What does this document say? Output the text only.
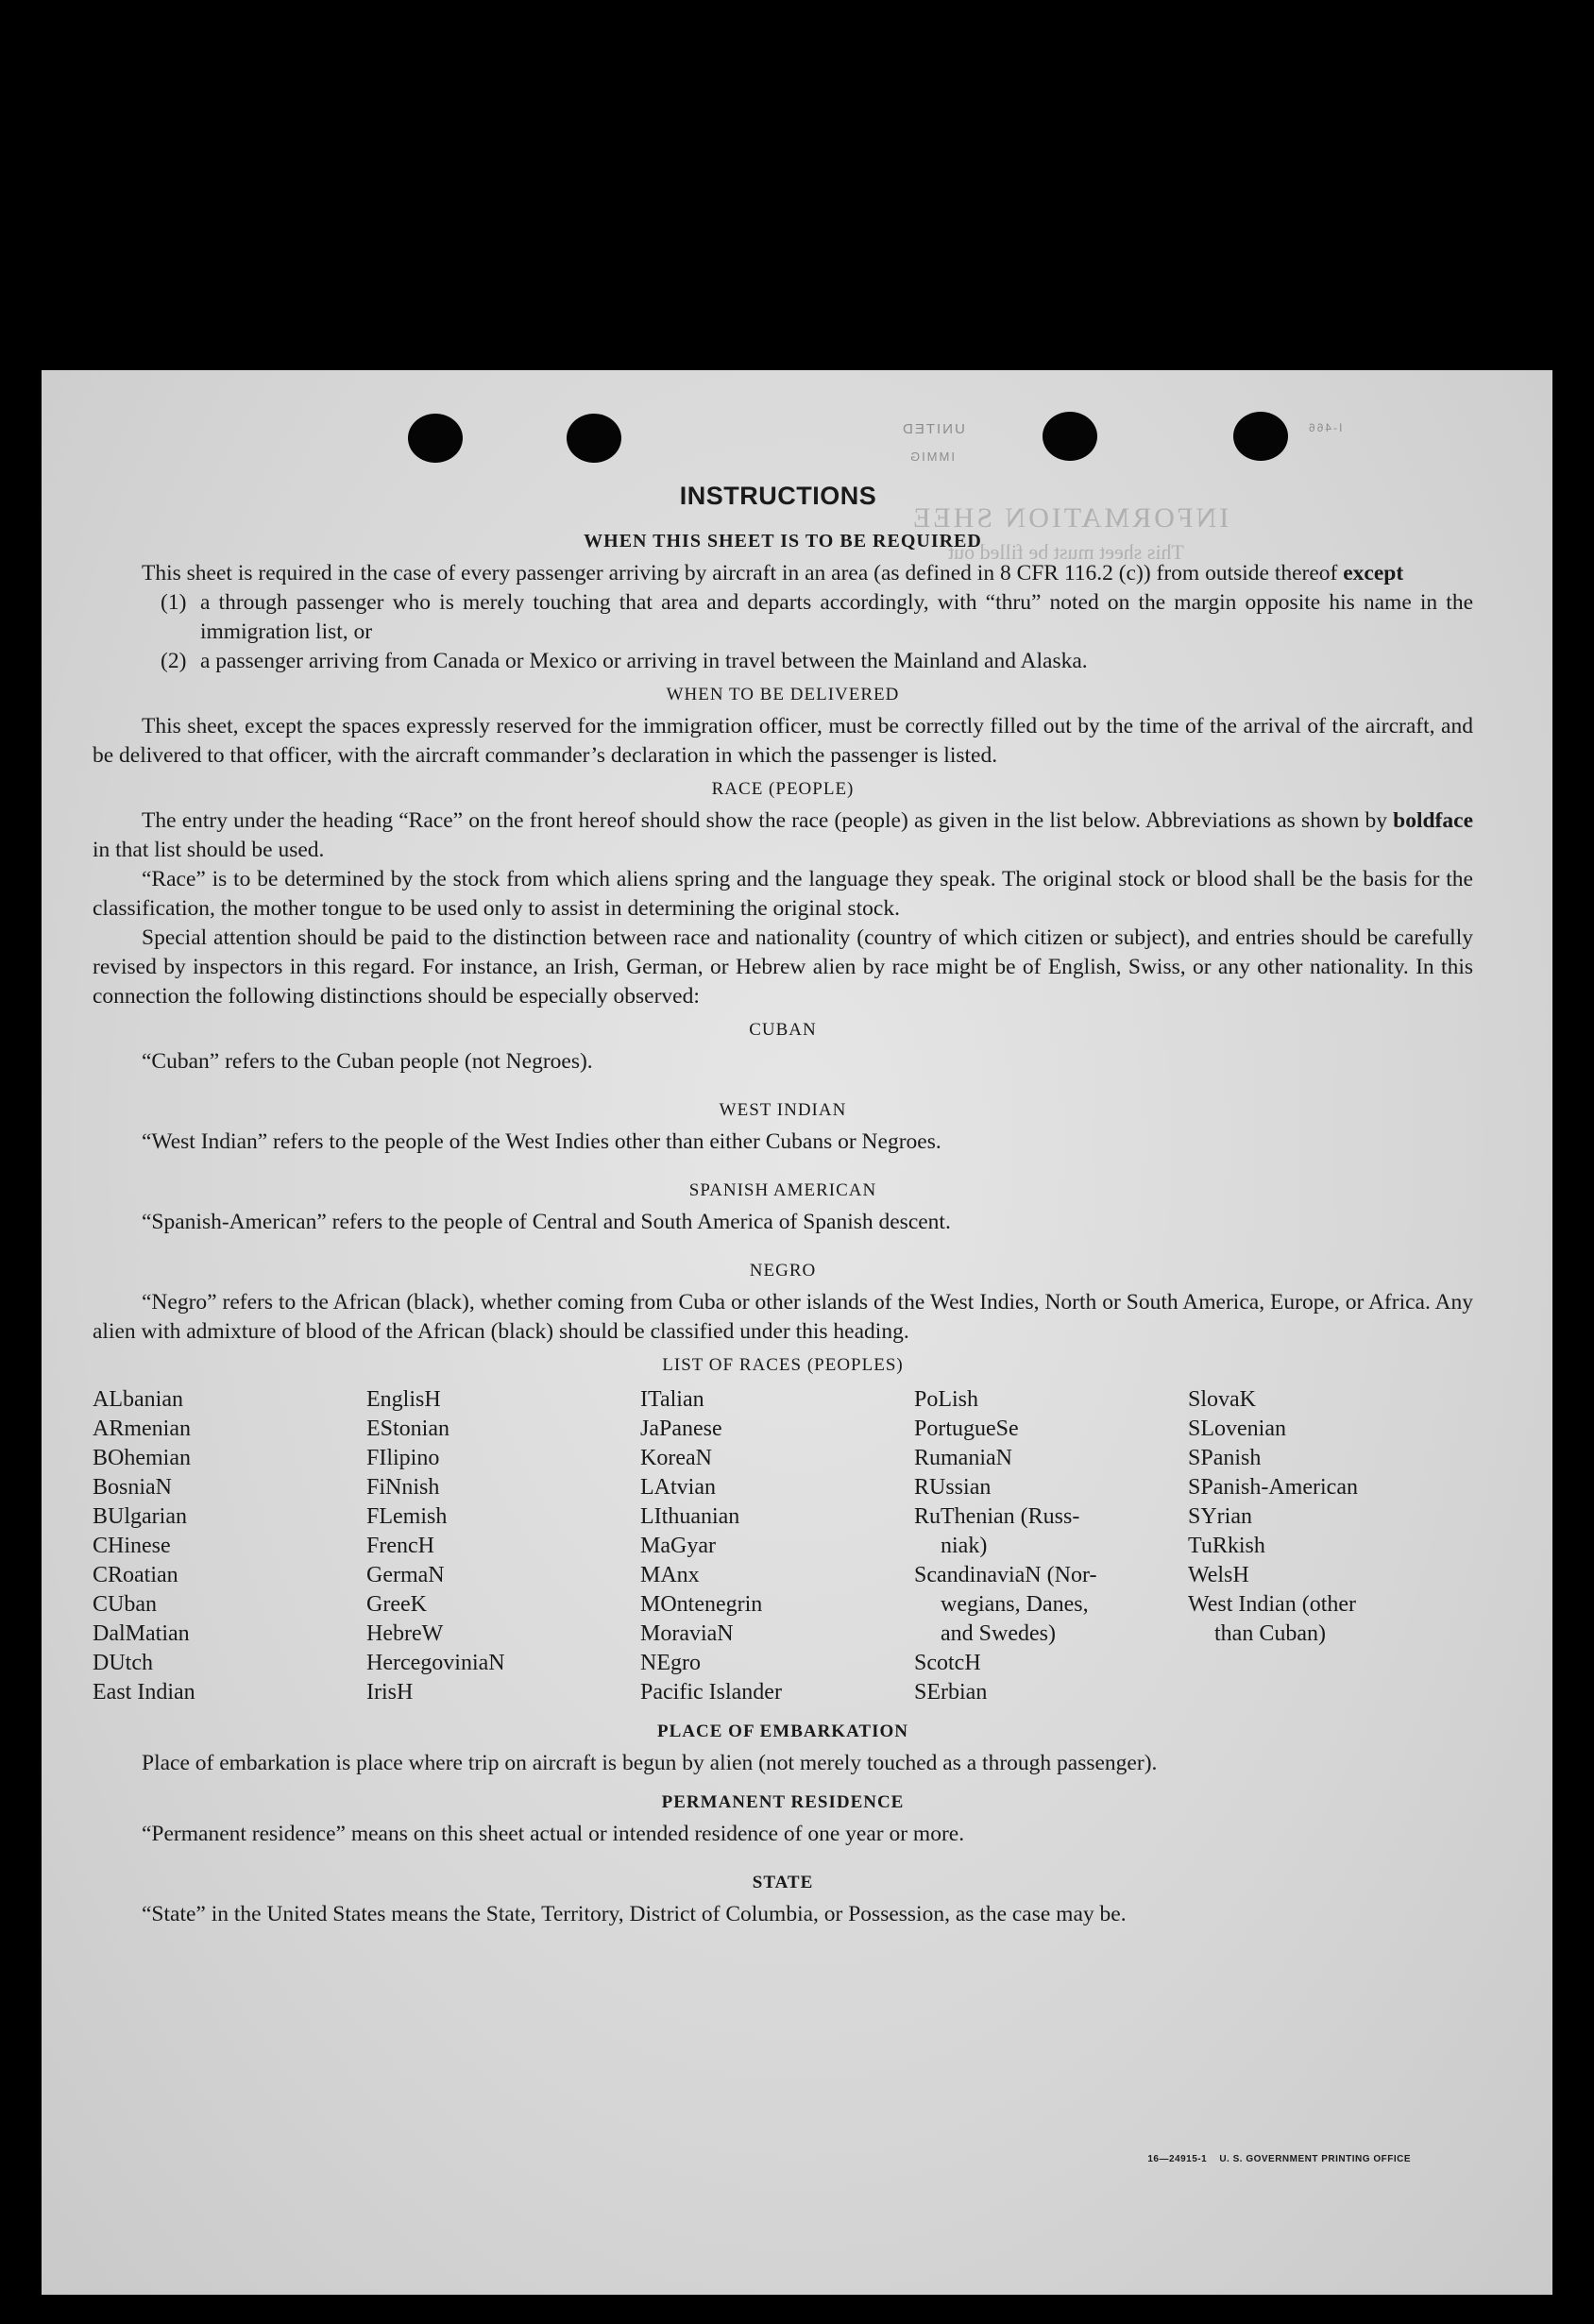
UNITED
IMMIG
I-466
INFORMATION SHEE
This sheet must be filled out
INSTRUCTIONS
WHEN THIS SHEET IS TO BE REQUIRED

This sheet is required in the case of every passenger arriving by aircraft in an area (as defined in 8 CFR 116.2 (c)) from outside thereof except

(1) a through passenger who is merely touching that area and departs accordingly, with “thru” noted on the margin opposite his name in the immigration list, or
(2) a passenger arriving from Canada or Mexico or arriving in travel between the Mainland and Alaska.
WHEN TO BE DELIVERED

This sheet, except the spaces expressly reserved for the immigration officer, must be correctly filled out by the time of the arrival of the aircraft, and be delivered to that officer, with the aircraft commander’s declaration in which the passenger is listed.

RACE (PEOPLE)

The entry under the heading “Race” on the front hereof should show the race (people) as given in the list below. Abbreviations as shown by boldface in that list should be used.

“Race” is to be determined by the stock from which aliens spring and the language they speak. The original stock or blood shall be the basis for the classification, the mother tongue to be used only to assist in determining the original stock.

Special attention should be paid to the distinction between race and nationality (country of which citizen or subject), and entries should be carefully revised by inspectors in this regard. For instance, an Irish, German, or Hebrew alien by race might be of English, Swiss, or any other nationality. In this connection the following distinctions should be especially observed:

CUBAN

“Cuban” refers to the Cuban people (not Negroes).

WEST INDIAN

“West Indian” refers to the people of the West Indies other than either Cubans or Negroes.

SPANISH AMERICAN

“Spanish-American” refers to the people of Central and South America of Spanish descent.

NEGRO

“Negro” refers to the African (black), whether coming from Cuba or other islands of the West Indies, North or South America, Europe, or Africa. Any alien with admixture of blood of the African (black) should be classified under this heading.

LIST OF RACES (PEOPLES)
ALbanian
ARmenian
BOhemian
BosniaN
BUlgarian
CHinese
CRoatian
CUban
DalMatian
DUtch
East Indian
EnglisH
EStonian
FIlipino
FiNnish
FLemish
FrencH
GermaN
GreeK
HebreW
HercegoviniaN
IrisH
ITalian
JaPanese
KoreaN
LAtvian
LIthuanian
MaGyar
MAnx
MOntenegrin
MoraviaN
NEgro
Pacific Islander
PoLish
PortugueSe
RumaniaN
RUssian
RuThenian (Russ-
niak)
ScandinaviaN (Nor-
wegians, Danes,
and Swedes)
ScotcH
SErbian
SlovaK
SLovenian
SPanish
SPanish-American
SYrian
TuRkish
WelsH
West Indian (other
than Cuban)
PLACE OF EMBARKATION

Place of embarkation is place where trip on aircraft is begun by alien (not merely touched as a through passenger).

PERMANENT RESIDENCE

“Permanent residence” means on this sheet actual or intended residence of one year or more.

STATE

“State” in the United States means the State, Territory, District of Columbia, or Possession, as the case may be.

16—24915-1 U. S. GOVERNMENT PRINTING OFFICE
